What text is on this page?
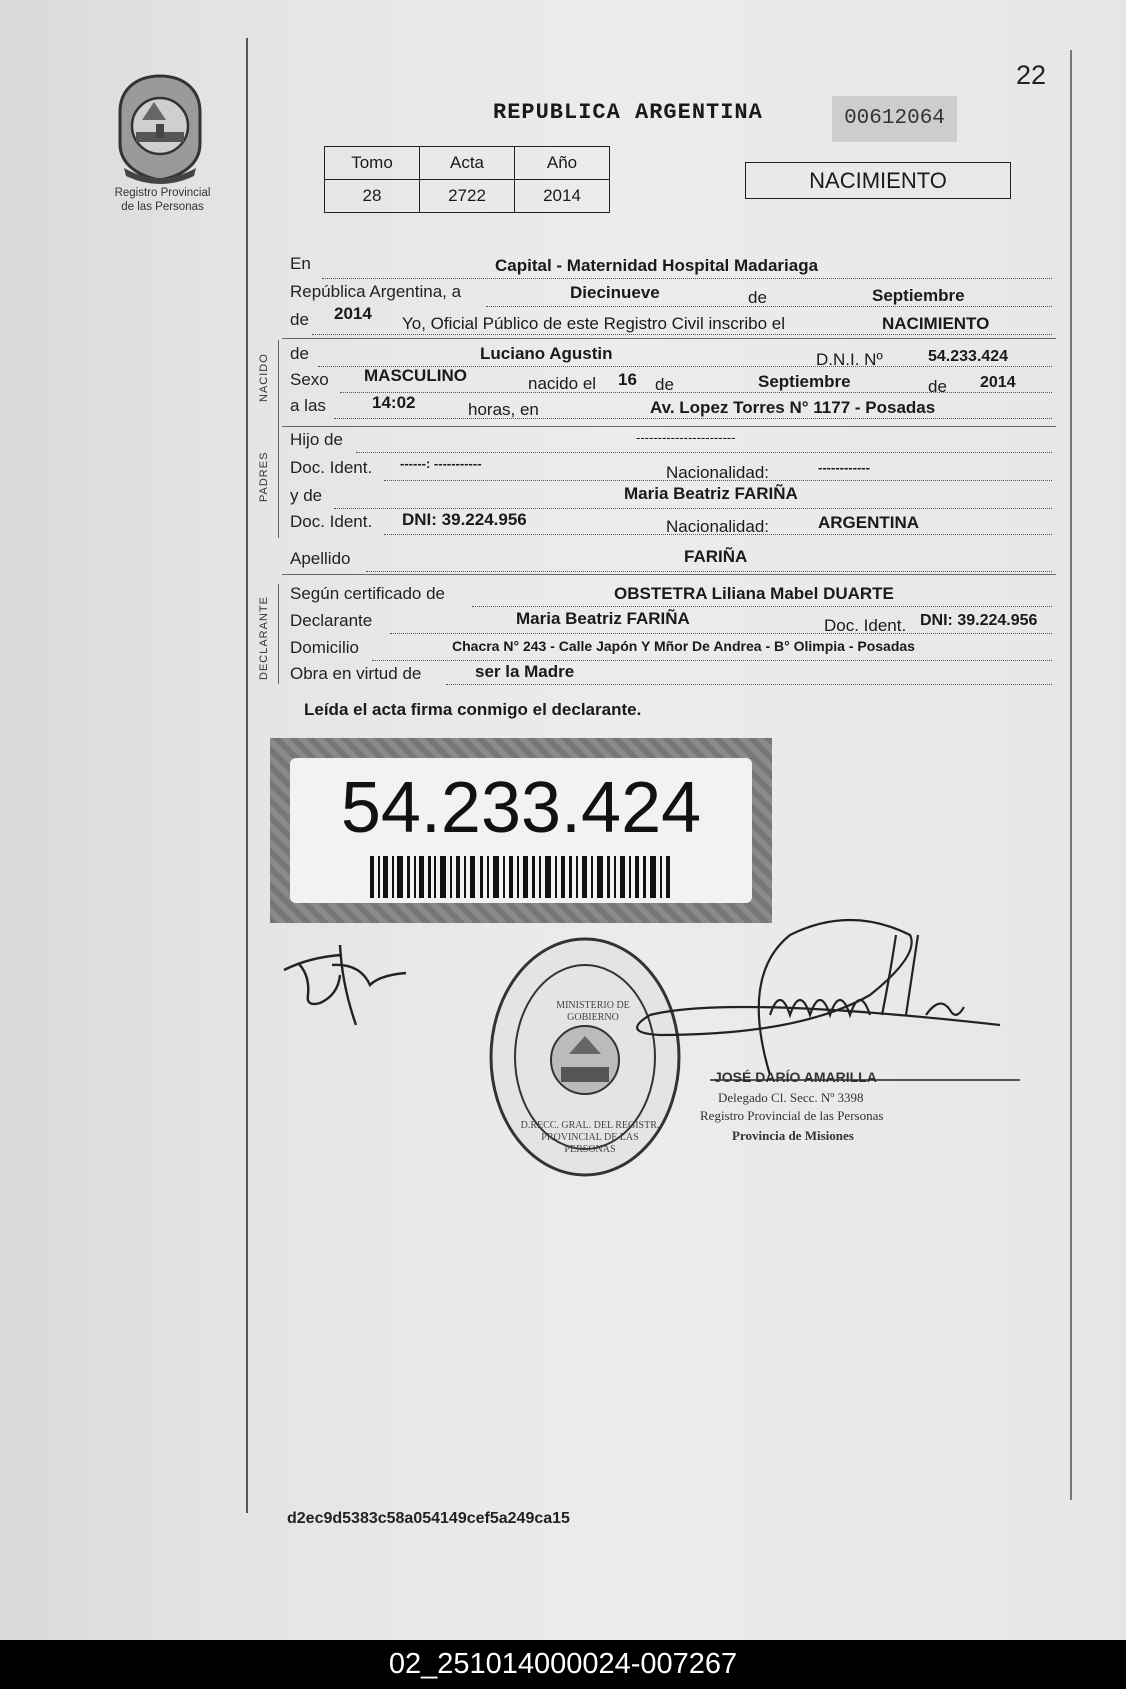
Registro Provincial
de las Personas
22
REPUBLICA ARGENTINA	00612064
Tomo	Acta	Año
28	2722	2014
NACIMIENTO
En	Capital - Maternidad Hospital Madariaga
República Argentina, a	Diecinueve	de	Septiembre
de 2014
Yo, Oficial Público de este Registro Civil inscribo el	NACIMIENTO
NACIDO de	Luciano Agustin	D.N.I. Nº	54.233.424
Sexo MASCULINO	nacido el 16 de	Septiembre	de 2014
a las	14:02	horas, en	Av. Lopez Torres N° 1177 - Posadas
PADRES
Hijo de	-----------------------
Doc. Ident. ------: -----------	Nacionalidad:	------------
y de	Maria Beatriz FARIÑA
Doc. Ident. DNI: 39.224.956	Nacionalidad:	ARGENTINA
Apellido	FARIÑA
DECLARANTE
Según certificado de	OBSTETRA Liliana Mabel DUARTE
Declarante	Maria Beatriz FARIÑA	Doc. Ident. DNI: 39.224.956
Domicilio	Chacra N° 243 - Calle Japón Y Mñor De Andrea - B° Olimpia - Posadas
Obra en virtud de	ser la Madre
Leída el acta firma conmigo el declarante.
54.233.424
D.RECC. GRAL. DEL REGISTR. PROVINCIAL DE LAS PERSONAS
MINISTERIO DE GOBIERNO
JOSÉ DARÍO AMARILLA
Delegado Cl. Secc. Nº 3398
Registro Provincial de las Personas
Provincia de Misiones
d2ec9d5383c58a054149cef5a249ca15
02_251014000024-007267
